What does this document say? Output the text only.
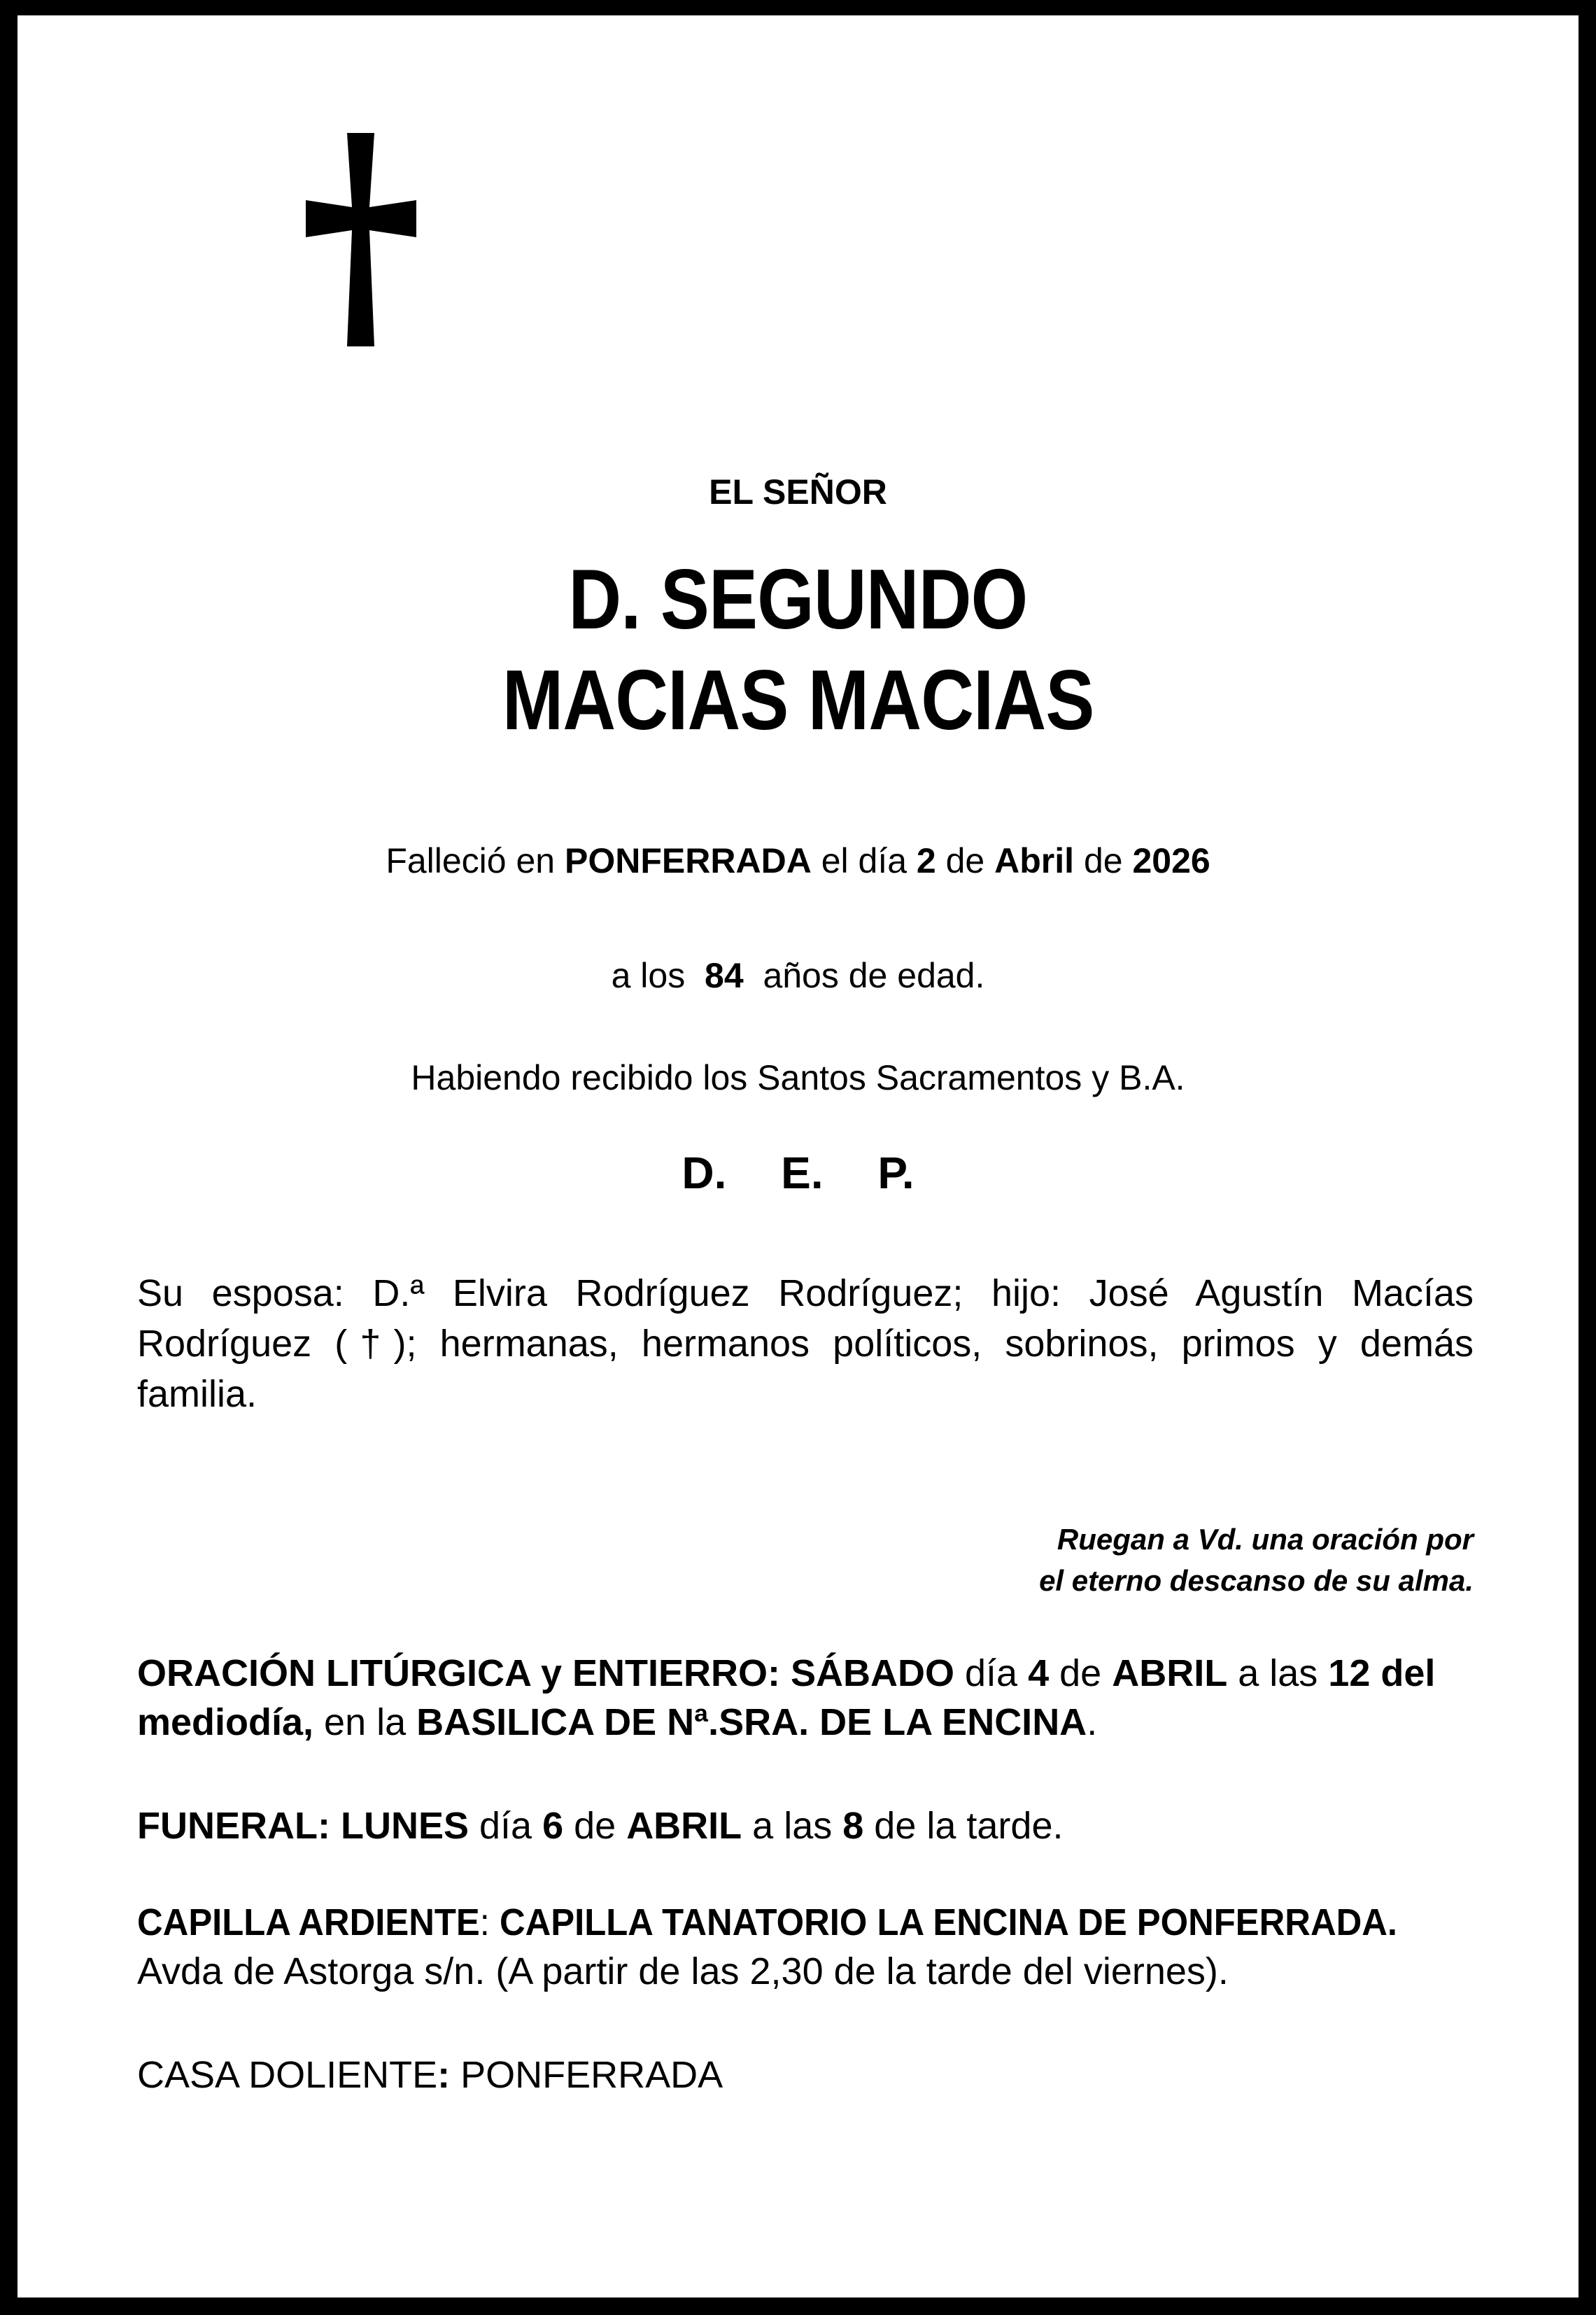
EL SEÑOR
D. SEGUNDO
MACIAS MACIAS
Falleció en PONFERRADA el día 2 de Abril de 2026
a los  84  años de edad.
Habiendo recibido los Santos Sacramentos y B.A.
D. E. P.
Su esposa: D.ª Elvira Rodríguez Rodríguez; hijo: José Agustín Macías Rodríguez (†); hermanas, hermanos políticos, sobrinos, primos y demás familia.
Ruegan a Vd. una oración por
el eterno descanso de su alma.
ORACIÓN LITÚRGICA y ENTIERRO: SÁBADO día 4 de ABRIL a las 12 del mediodía, en la BASILICA DE Nª.SRA. DE LA ENCINA.
FUNERAL: LUNES día 6 de ABRIL a las 8 de la tarde.
CAPILLA ARDIENTE: CAPILLA TANATORIO LA ENCINA DE PONFERRADA.
Avda de Astorga s/n. (A partir de las 2,30 de la tarde del viernes).
CASA DOLIENTE: PONFERRADA
